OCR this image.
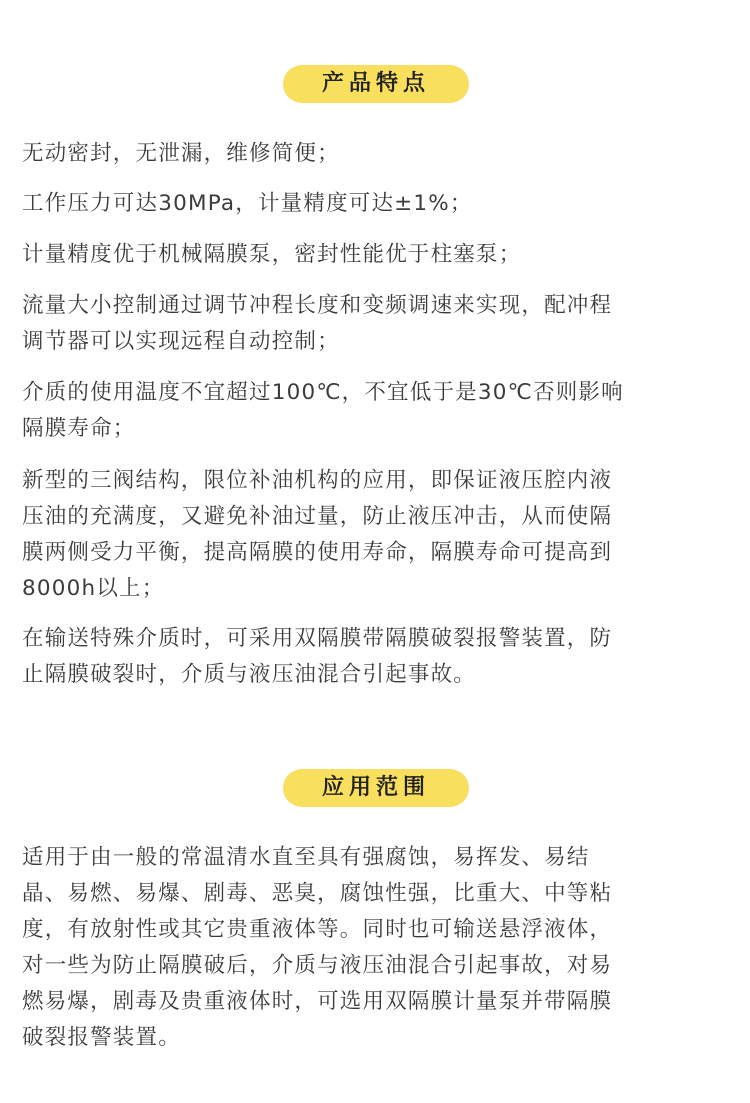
产品特点

无动密封，无泄漏，维修简便；

工作压力可达30MPa，计量精度可达±1%；

计量精度优于机械隔膜泵，密封性能优于柱塞泵；

流量大小控制通过调节冲程长度和变频调速来实现，配冲程
调节器可以实现远程自动控制；

介质的使用温度不宜超过100℃，不宜低于是30℃否则影响
隔膜寿命；

新型的三阀结构，限位补油机构的应用，即保证液压腔内液
压油的充满度，又避免补油过量，防止液压冲击，从而使隔
膜两侧受力平衡，提高隔膜的使用寿命，隔膜寿命可提高到
8000h以上；

在输送特殊介质时，可采用双隔膜带隔膜破裂报警装置，防
止隔膜破裂时，介质与液压油混合引起事故。

应用范围

适用于由一般的常温清水直至具有强腐蚀，易挥发、易结
晶、易燃、易爆、剧毒、恶臭，腐蚀性强，比重大、中等粘
度，有放射性或其它贵重液体等。同时也可输送悬浮液体，
对一些为防止隔膜破后，介质与液压油混合引起事故，对易
燃易爆，剧毒及贵重液体时，可选用双隔膜计量泵并带隔膜
破裂报警装置。
